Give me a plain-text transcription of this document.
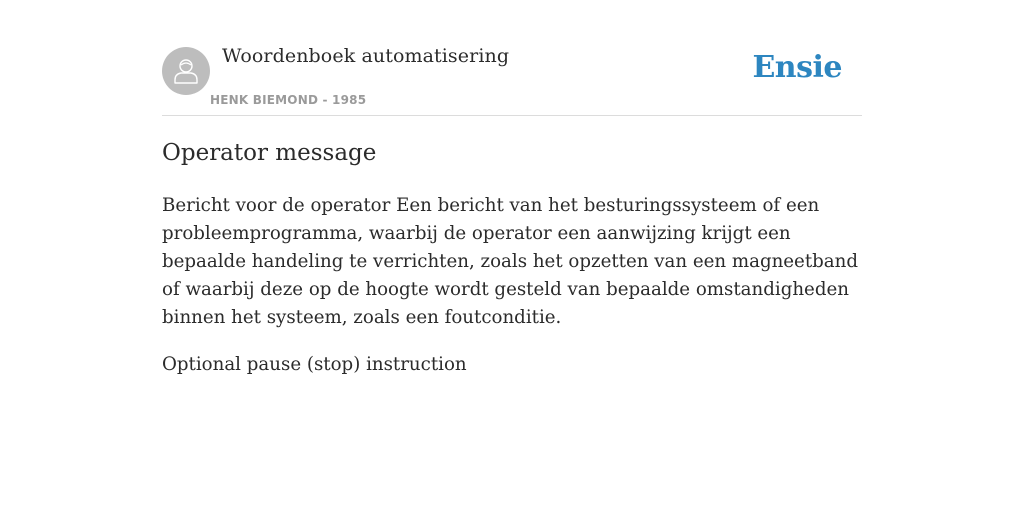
Woordenboek automatisering
HENK BIEMOND - 1985
Ensie
Operator message

Bericht voor de operator Een bericht van het besturingssysteem of een probleemprogramma, waarbij de operator een aanwijzing krijgt een bepaalde handeling te verrichten, zoals het opzetten van een magneetband of waarbij deze op de hoogte wordt gesteld van bepaalde omstandigheden binnen het systeem, zoals een foutconditie.

Optional pause (stop) instruction
